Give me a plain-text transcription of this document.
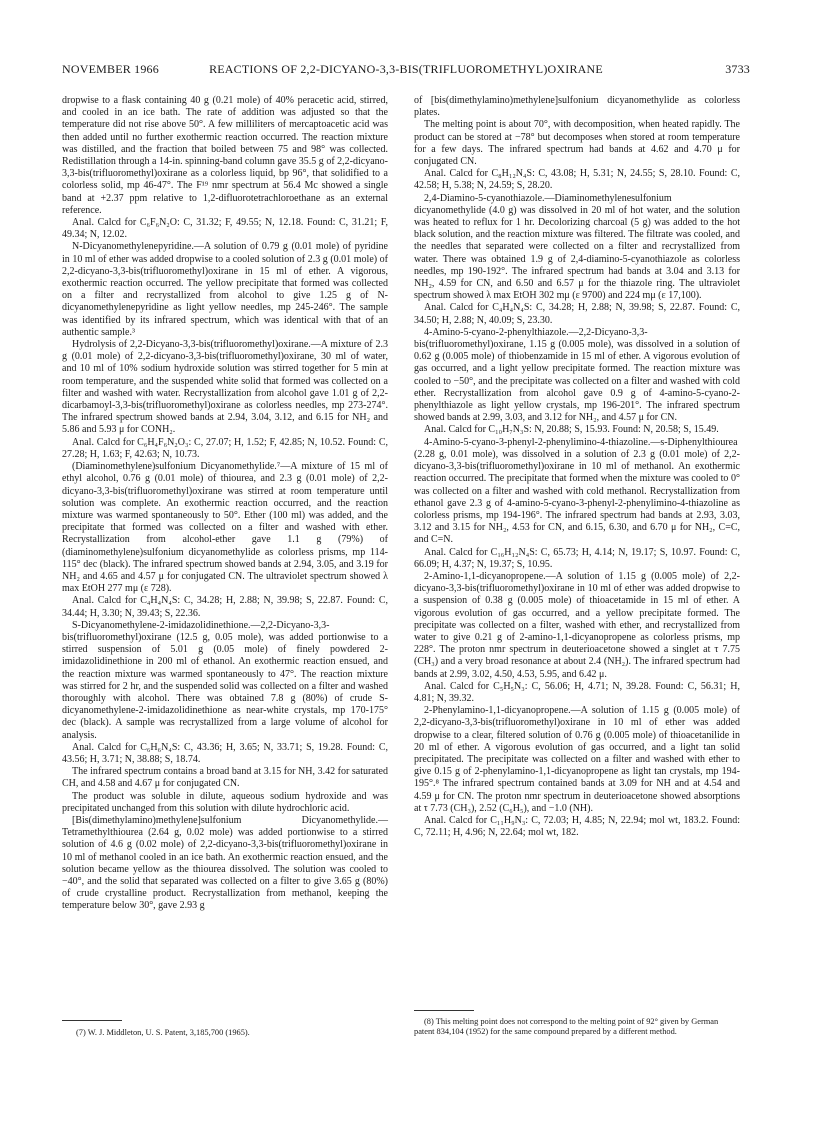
NOVEMBER 1966	REACTIONS OF 2,2-DICYANO-3,3-BIS(TRIFLUOROMETHYL)OXIRANE	3733

dropwise to a flask containing 40 g (0.21 mole) of 40% peracetic acid, stirred, and cooled in an ice bath. The rate of addition was adjusted so that the temperature did not rise above 50°. A few milliliters of mercaptoacetic acid was then added until no further exothermic reaction occurred. The reaction mixture was distilled, and the fraction that boiled between 75 and 98° was collected. Redistillation through a 14-in. spinning-band column gave 35.5 g of 2,2-dicyano-3,3-bis(trifluoromethyl)oxirane as a colorless liquid, bp 96°, that solidified to a colorless solid, mp 46-47°. The F¹⁹ nmr spectrum at 56.4 Mc showed a single band at +2.37 ppm relative to 1,2-difluorotetrachloroethane as an external reference.

Anal. Calcd for C₆F₆N₂O: C, 31.32; F, 49.55; N, 12.18. Found: C, 31.21; F, 49.34; N, 12.02.

N-Dicyanomethylenepyridine.—A solution of 0.79 g (0.01 mole) of pyridine in 10 ml of ether was added dropwise to a cooled solution of 2.3 g (0.01 mole) of 2,2-dicyano-3,3-bis(trifluoromethyl)oxirane in 15 ml of ether. A vigorous, exothermic reaction occurred. The yellow precipitate that formed was collected on a filter and recrystallized from alcohol to give 1.25 g of N-dicyanomethylenepyridine as light yellow needles, mp 245-246°. The sample was identified by its infrared spectrum, which was identical with that of an authentic sample.³

Hydrolysis of 2,2-Dicyano-3,3-bis(trifluoromethyl)oxirane.—A mixture of 2.3 g (0.01 mole) of 2,2-dicyano-3,3-bis(trifluoromethyl)oxirane, 30 ml of water, and 10 ml of 10% sodium hydroxide solution was stirred together for 5 min at room temperature, and the suspended white solid that formed was collected on a filter and washed with water. Recrystallization from alcohol gave 1.01 g of 2,2-dicarbamoyl-3,3-bis(trifluoromethyl)oxirane as colorless needles, mp 273-274°. The infrared spectrum showed bands at 2.94, 3.04, 3.12, and 6.15 for NH₂ and 5.86 and 5.93 μ for CONH₂.

Anal. Calcd for C₆H₄F₆N₂O₃: C, 27.07; H, 1.52; F, 42.85; N, 10.52. Found: C, 27.28; H, 1.63; F, 42.63; N, 10.73.

(Diaminomethylene)sulfonium Dicyanomethylide.⁷—A mixture of 15 ml of ethyl alcohol, 0.76 g (0.01 mole) of thiourea, and 2.3 g (0.01 mole) of 2,2-dicyano-3,3-bis(trifluoromethyl)oxirane was stirred at room temperature until solution was complete. An exothermic reaction occurred, and the reaction mixture was warmed spontaneously to 50°. Ether (100 ml) was added, and the precipitate that formed was collected on a filter and washed with ether. Recrystallization from alcohol-ether gave 1.1 g (79%) of (diaminomethylene)sulfonium dicyanomethylide as colorless prisms, mp 114-115° dec (black). The infrared spectrum showed bands at 2.94, 3.05, and 3.19 for NH₂ and 4.65 and 4.57 μ for conjugated CN. The ultraviolet spectrum showed λ max EtOH 277 mμ (ε 728).

Anal. Calcd for C₄H₄N₄S: C, 34.28; H, 2.88; N, 39.98; S, 22.87. Found: C, 34.44; H, 3.30; N, 39.43; S, 22.36.

S-Dicyanomethylene-2-imidazolidinethione.—2,2-Dicyano-3,3-bis(trifluoromethyl)oxirane (12.5 g, 0.05 mole), was added portionwise to a stirred suspension of 5.01 g (0.05 mole) of finely powdered 2-imidazolidinethione in 200 ml of ethanol. An exothermic reaction ensued, and the reaction mixture was warmed spontaneously to 47°. The reaction mixture was stirred for 2 hr, and the suspended solid was collected on a filter and washed thoroughly with alcohol. There was obtained 7.8 g (80%) of crude S-dicyanomethylene-2-imidazolidinethione as near-white crystals, mp 170-175° dec (black). A sample was recrystallized from a large volume of alcohol for analysis.

Anal. Calcd for C₆H₆N₄S: C, 43.36; H, 3.65; N, 33.71; S, 19.28. Found: C, 43.56; H, 3.71; N, 38.88; S, 18.74.

The infrared spectrum contains a broad band at 3.15 for NH, 3.42 for saturated CH, and 4.58 and 4.67 μ for conjugated CN.

The product was soluble in dilute, aqueous sodium hydroxide and was precipitated unchanged from this solution with dilute hydrochloric acid.

[Bis(dimethylamino)methylene]sulfonium Dicyanomethylide.—Tetramethylthiourea (2.64 g, 0.02 mole) was added portionwise to a stirred solution of 4.6 g (0.02 mole) of 2,2-dicyano-3,3-bis(trifluoromethyl)oxirane in 10 ml of methanol cooled in an ice bath. An exothermic reaction ensued, and the solution became yellow as the thiourea dissolved. The solution was cooled to −40°, and the solid that separated was collected on a filter to give 3.65 g (80%) of crude crystalline product. Recrystallization from methanol, keeping the temperature below 30°, gave 2.93 g

of [bis(dimethylamino)methylene]sulfonium dicyanomethylide as colorless plates.

The melting point is about 70°, with decomposition, when heated rapidly. The product can be stored at −78° but decomposes when stored at room temperature for a few days. The infrared spectrum had bands at 4.62 and 4.70 μ for conjugated CN.

Anal. Calcd for C₈H₁₂N₄S: C, 43.08; H, 5.31; N, 24.55; S, 28.10. Found: C, 42.58; H, 5.38; N, 24.59; S, 28.20.

2,4-Diamino-5-cyanothiazole.—Diaminomethylenesulfonium dicyanomethylide (4.0 g) was dissolved in 20 ml of hot water, and the solution was heated to reflux for 1 hr. Decolorizing charcoal (5 g) was added to the hot black solution, and the reaction mixture was filtered. The filtrate was cooled, and the needles that separated were collected on a filter and recrystallized from water. There was obtained 1.9 g of 2,4-diamino-5-cyanothiazole as colorless needles, mp 190-192°. The infrared spectrum had bands at 3.04 and 3.13 for NH₂, 4.59 for CN, and 6.50 and 6.57 μ for the thiazole ring. The ultraviolet spectrum showed λ max EtOH 302 mμ (ε 9700) and 224 mμ (ε 17,100).

Anal. Calcd for C₄H₄N₄S: C, 34.28; H, 2.88; N, 39.98; S, 22.87. Found: C, 34.50; H, 2.88; N, 40.09; S, 23.30.

4-Amino-5-cyano-2-phenylthiazole.—2,2-Dicyano-3,3-bis(trifluoromethyl)oxirane, 1.15 g (0.005 mole), was dissolved in a solution of 0.62 g (0.005 mole) of thiobenzamide in 15 ml of ether. A vigorous evolution of gas occurred, and a light yellow precipitate formed. The reaction mixture was cooled to −50°, and the precipitate was collected on a filter and washed with cold ether. Recrystallization from alcohol gave 0.9 g of 4-amino-5-cyano-2-phenylthiazole as light yellow crystals, mp 196-201°. The infrared spectrum showed bands at 2.99, 3.03, and 3.12 for NH₂, and 4.57 μ for CN.

Anal. Calcd for C₁₀H₇N₃S: N, 20.88; S, 15.93. Found: N, 20.58; S, 15.49.

4-Amino-5-cyano-3-phenyl-2-phenylimino-4-thiazoline.—s-Diphenylthiourea (2.28 g, 0.01 mole), was dissolved in a solution of 2.3 g (0.01 mole) of 2,2-dicyano-3,3-bis(trifluoromethyl)oxirane in 10 ml of methanol. An exothermic reaction occurred. The precipitate that formed when the mixture was cooled to 0° was collected on a filter and washed with cold methanol. Recrystallization from ethanol gave 2.3 g of 4-amino-5-cyano-3-phenyl-2-phenylimino-4-thiazoline as colorless prisms, mp 194-196°. The infrared spectrum had bands at 2.93, 3.03, 3.12 and 3.15 for NH₂, 4.53 for CN, and 6.15, 6.30, and 6.70 μ for NH₂, C=C, and C=N.

Anal. Calcd for C₁₆H₁₂N₄S: C, 65.73; H, 4.14; N, 19.17; S, 10.97. Found: C, 66.09; H, 4.37; N, 19.37; S, 10.95.

2-Amino-1,1-dicyanopropene.—A solution of 1.15 g (0.005 mole) of 2,2-dicyano-3,3-bis(trifluoromethyl)oxirane in 10 ml of ether was added dropwise to a suspension of 0.38 g (0.005 mole) of thioacetamide in 15 ml of ether. A vigorous evolution of gas occurred, and a yellow precipitate formed. The precipitate was collected on a filter, washed with ether, and recrystallized from water to give 0.21 g of 2-amino-1,1-dicyanopropene as colorless prisms, mp 228°. The proton nmr spectrum in deuterioacetone showed a singlet at τ 7.75 (CH₃) and a very broad resonance at about 2.4 (NH₂). The infrared spectrum had bands at 2.99, 3.02, 4.50, 4.53, 5.95, and 6.42 μ.

Anal. Calcd for C₅H₅N₃: C, 56.06; H, 4.71; N, 39.28. Found: C, 56.31; H, 4.81; N, 39.32.

2-Phenylamino-1,1-dicyanopropene.—A solution of 1.15 g (0.005 mole) of 2,2-dicyano-3,3-bis(trifluoromethyl)oxirane in 10 ml of ether was added dropwise to a clear, filtered solution of 0.76 g (0.005 mole) of thioacetanilide in 20 ml of ether. A vigorous evolution of gas occurred, and a light tan solid precipitated. The precipitate was collected on a filter and washed with ether to give 0.15 g of 2-phenylamino-1,1-dicyanopropene as light tan crystals, mp 194-195°.⁸ The infrared spectrum contained bands at 3.09 for NH and at 4.54 and 4.59 μ for CN. The proton nmr spectrum in deuterioacetone showed absorptions at τ 7.73 (CH₃), 2.52 (C₆H₅), and −1.0 (NH).

Anal. Calcd for C₁₁H₉N₃: C, 72.03; H, 4.85; N, 22.94; mol wt, 183.2. Found: C, 72.11; H, 4.96; N, 22.64; mol wt, 182.

(7) W. J. Middleton, U. S. Patent, 3,185,700 (1965).
(8) This melting point does not correspond to the melting point of 92° given by German patent 834,104 (1952) for the same compound prepared by a different method.
